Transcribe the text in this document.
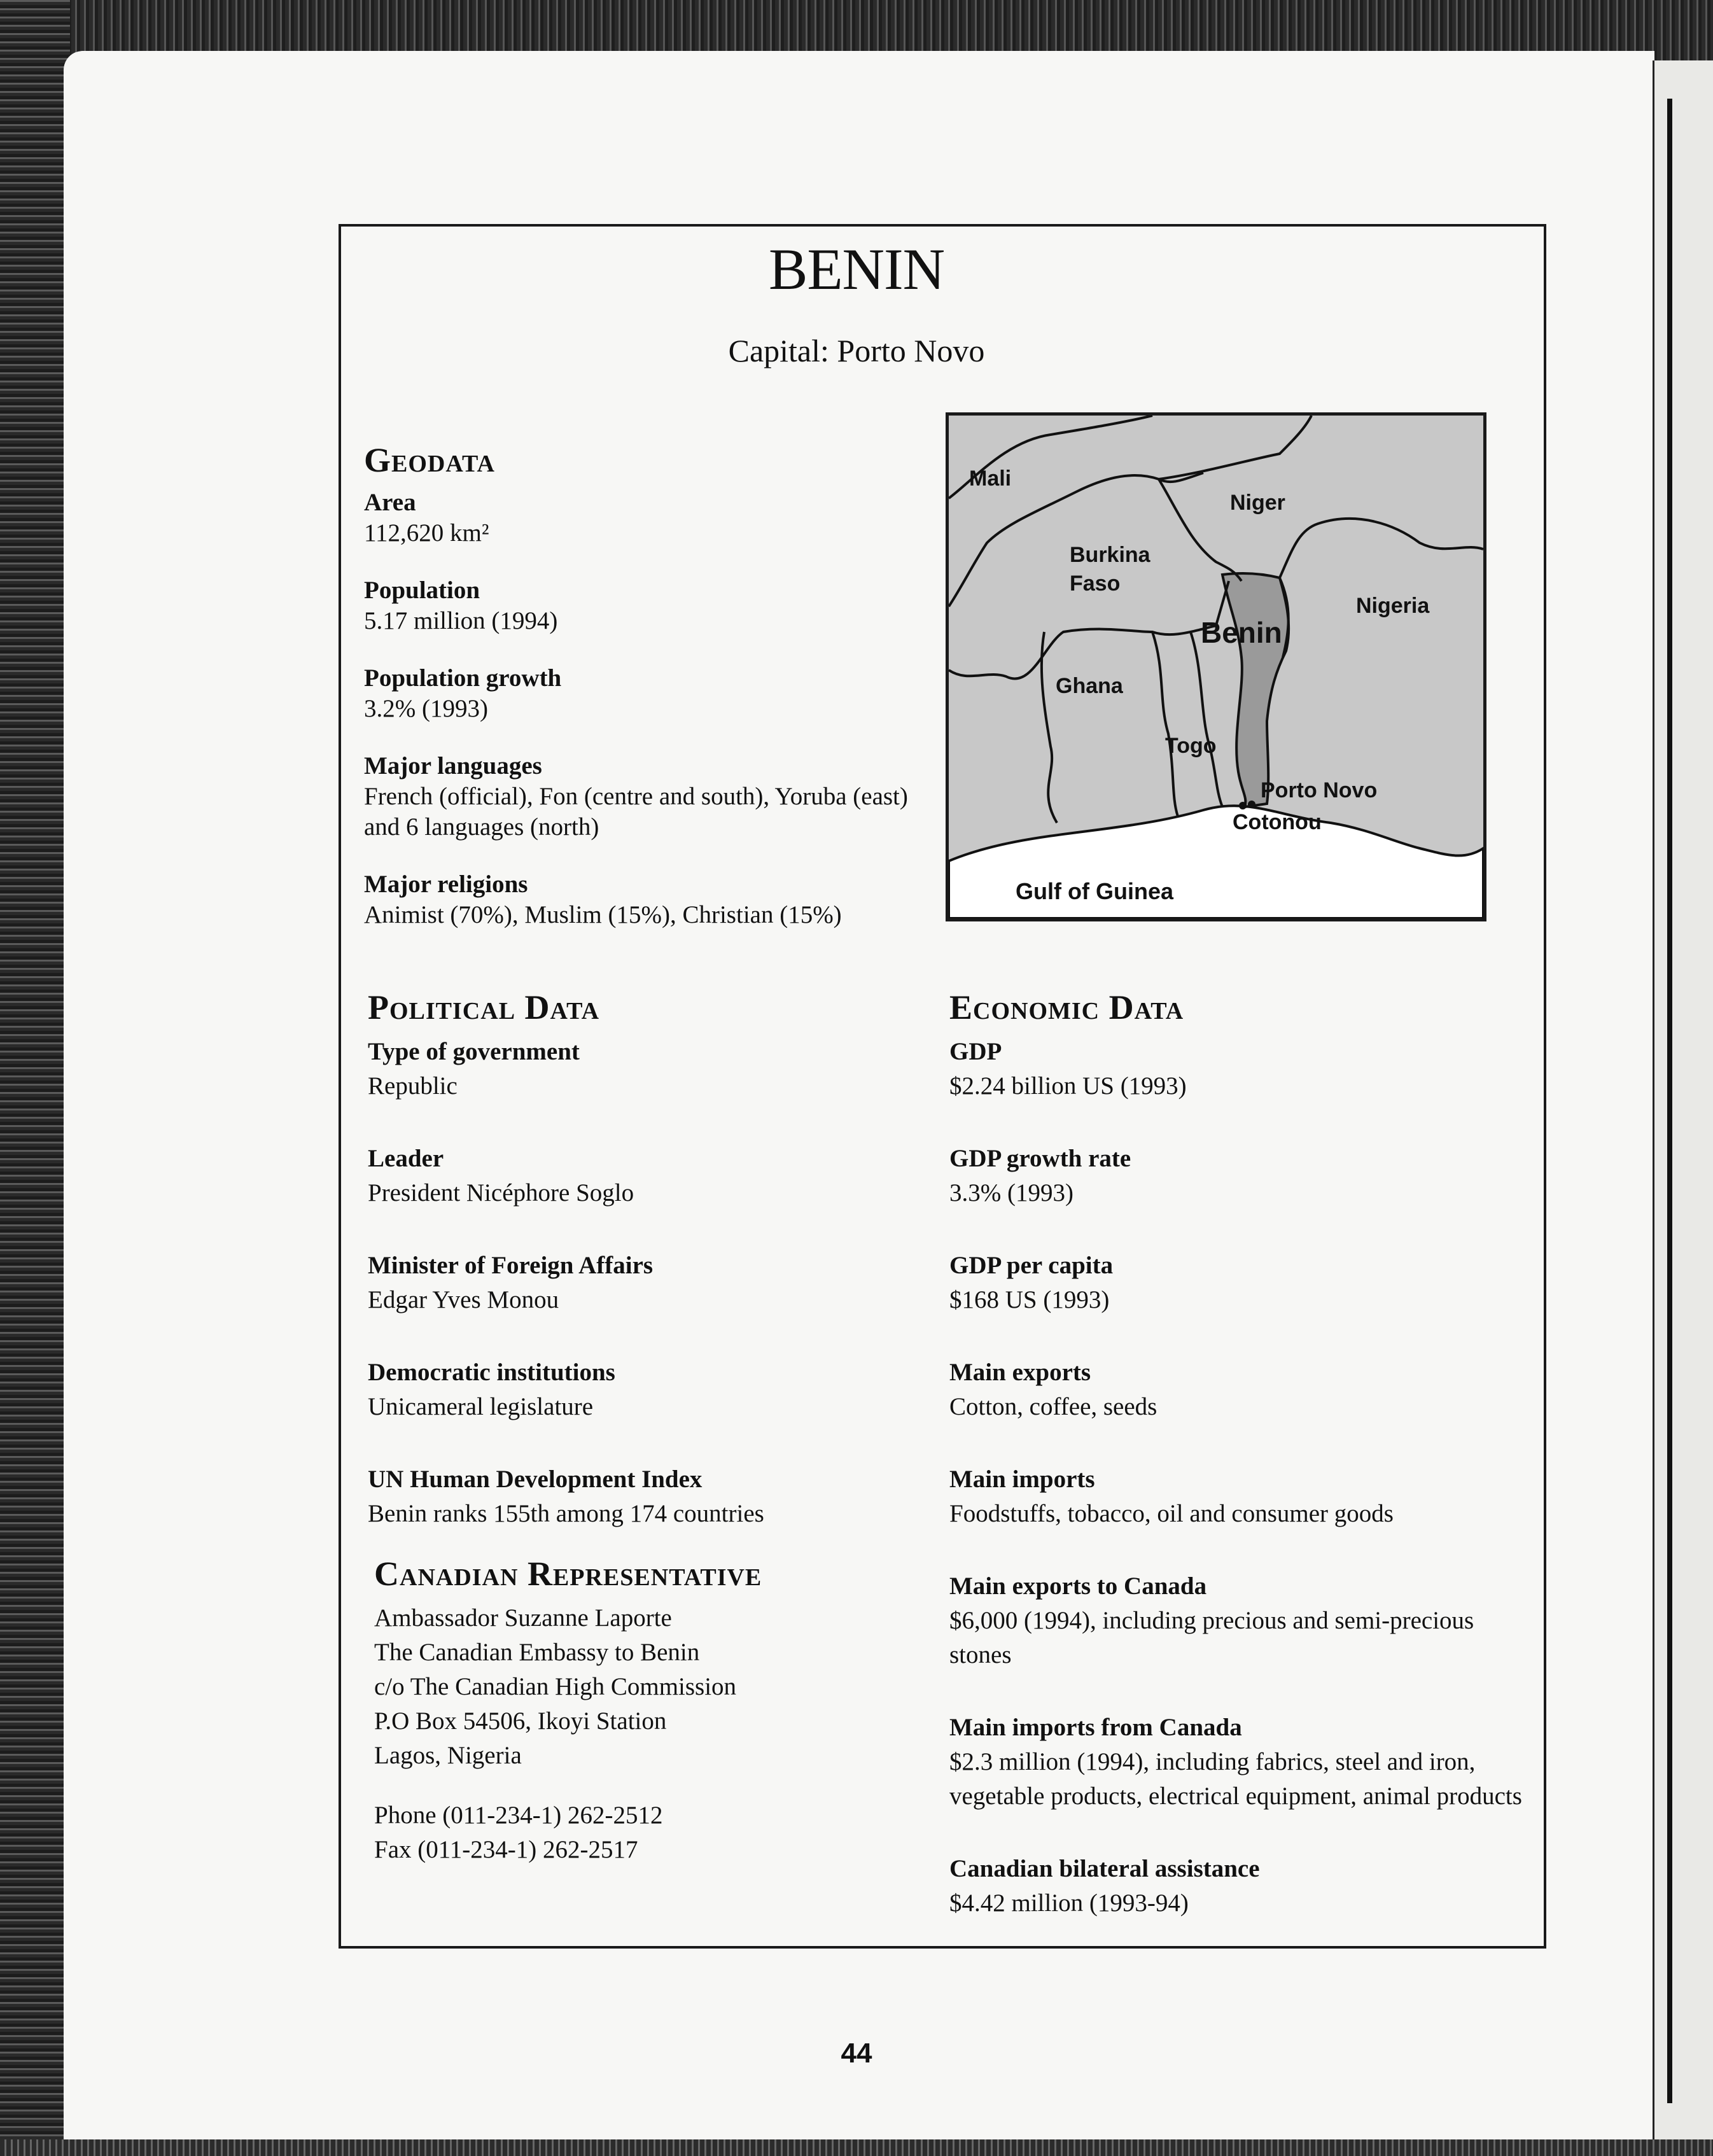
BENIN
Capital: Porto Novo
Geodata
Area
112,620 km²
Population
5.17 million (1994)
Population growth
3.2% (1993)
Major languages
French (official), Fon (centre and south), Yoruba (east)
and 6 languages (north)
Major religions
Animist (70%), Muslim (15%), Christian (15%)
Mali
Niger
Burkina
Faso
Nigeria
Benin
Ghana
Togo
Porto Novo
Cotonou
Gulf of Guinea
Political Data
Type of government
Republic
Leader
President Nicéphore Soglo
Minister of Foreign Affairs
Edgar Yves Monou
Democratic institutions
Unicameral legislature
UN Human Development Index
Benin ranks 155th among 174 countries
Canadian Representative
Ambassador Suzanne Laporte
The Canadian Embassy to Benin
c/o The Canadian High Commission
P.O Box 54506, Ikoyi Station
Lagos, Nigeria
Phone (011-234-1) 262-2512
Fax (011-234-1) 262-2517
Economic Data
GDP
$2.24 billion US (1993)
GDP growth rate
3.3% (1993)
GDP per capita
$168 US (1993)
Main exports
Cotton, coffee, seeds
Main imports
Foodstuffs, tobacco, oil and consumer goods
Main exports to Canada
$6,000 (1994), including precious and semi-precious
stones
Main imports from Canada
$2.3 million (1994), including fabrics, steel and iron,
vegetable products, electrical equipment, animal products
Canadian bilateral assistance
$4.42 million (1993-94)
44
